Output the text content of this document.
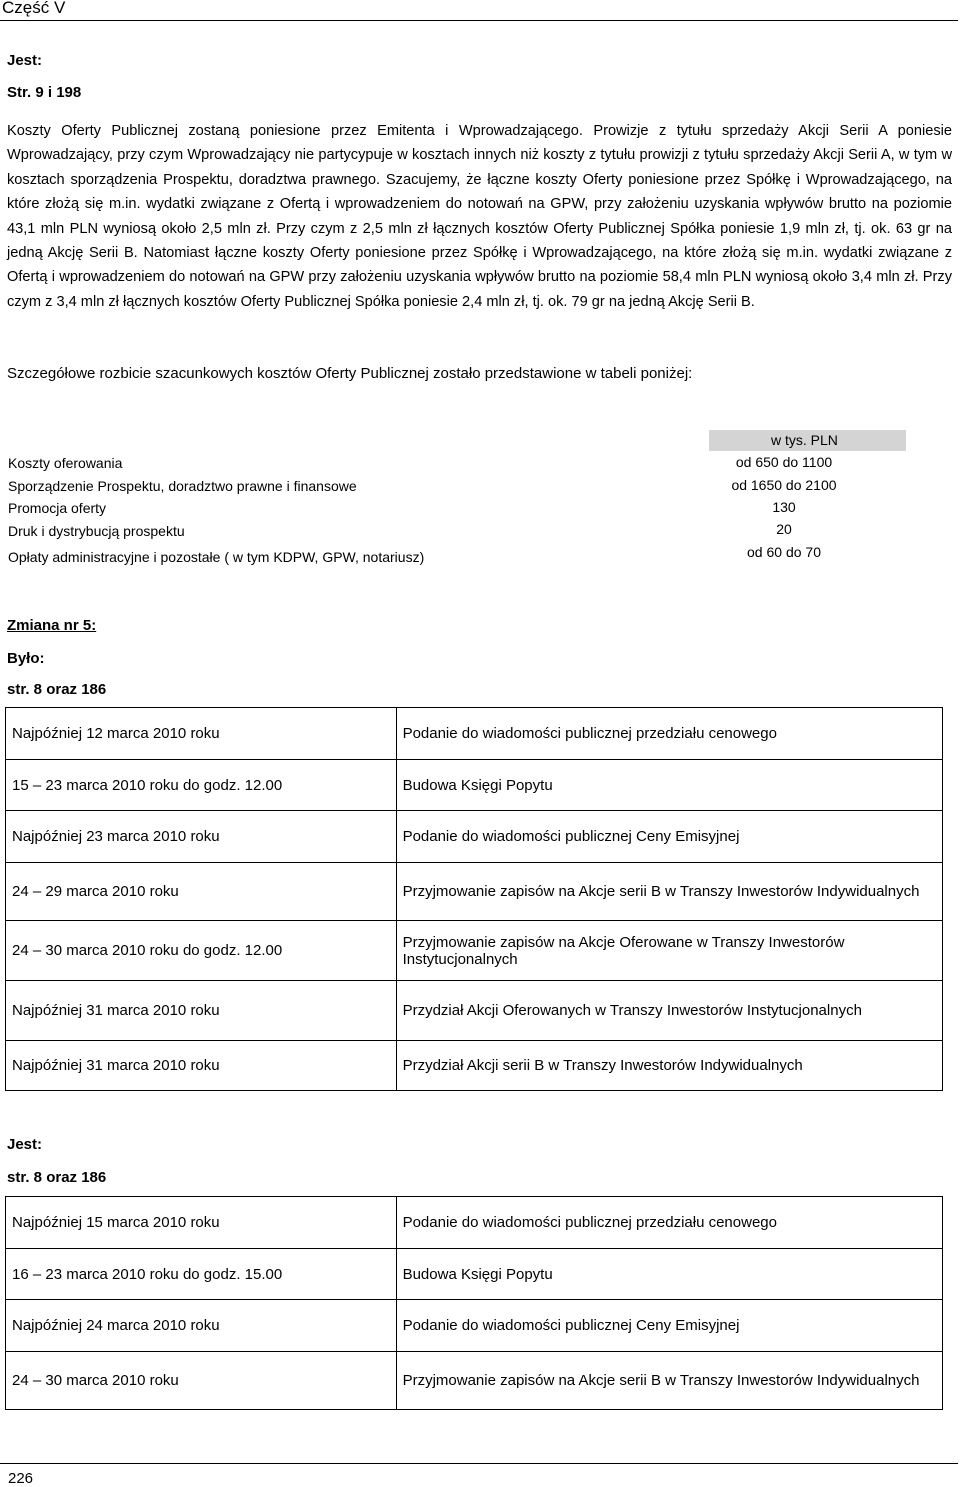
Część V
Jest:
Str. 9 i 198

Koszty Oferty Publicznej zostaną poniesione przez Emitenta i Wprowadzającego. Prowizje z tytułu sprzedaży Akcji Serii A poniesie Wprowadzający, przy czym Wprowadzający nie partycypuje w kosztach innych niż koszty z tytułu prowizji z tytułu sprzedaży Akcji Serii A, w tym w kosztach sporządzenia Prospektu, doradztwa prawnego. Szacujemy, że łączne koszty Oferty poniesione przez Spółkę i Wprowadzającego, na które złożą się m.in. wydatki związane z Ofertą i wprowadzeniem do notowań na GPW, przy założeniu uzyskania wpływów brutto na poziomie 43,1 mln PLN wyniosą około 2,5 mln zł. Przy czym z 2,5 mln zł łącznych kosztów Oferty Publicznej Spółka poniesie 1,9 mln zł, tj. ok. 63 gr na jedną Akcję Serii B. Natomiast łączne koszty Oferty poniesione przez Spółkę i Wprowadzającego, na które złożą się m.in. wydatki związane z Ofertą i wprowadzeniem do notowań na GPW przy założeniu uzyskania wpływów brutto na poziomie 58,4 mln PLN wyniosą około 3,4 mln zł. Przy czym z 3,4 mln zł łącznych kosztów Oferty Publicznej Spółka poniesie 2,4 mln zł, tj. ok. 79 gr na jedną Akcję Serii B.

Szczegółowe rozbicie szacunkowych kosztów Oferty Publicznej zostało przedstawione w tabeli poniżej:
w tys. PLN
Koszty oferowania	od 650 do 1100
Sporządzenie Prospektu, doradztwo prawne i finansowe	od 1650 do 2100
Promocja oferty	130
Druk i dystrybucją prospektu	20
Opłaty administracyjne i pozostałe ( w tym KDPW, GPW, notariusz)	od 60 do 70
Zmiana nr 5:
Było:
str. 8 oraz 186
Najpóźniej 12 marca 2010 roku	Podanie do wiadomości publicznej przedziału cenowego
15 – 23 marca 2010 roku do godz. 12.00	Budowa Księgi Popytu
Najpóźniej 23 marca 2010 roku	Podanie do wiadomości publicznej Ceny Emisyjnej
24 – 29 marca 2010 roku	Przyjmowanie zapisów na Akcje serii B w Transzy Inwestorów Indywidualnych
24 – 30 marca 2010 roku do godz. 12.00	Przyjmowanie zapisów na Akcje Oferowane w Transzy Inwestorów Instytucjonalnych
Najpóźniej 31 marca 2010 roku	Przydział Akcji Oferowanych w Transzy Inwestorów Instytucjonalnych
Najpóźniej 31 marca 2010 roku	Przydział Akcji serii B w Transzy Inwestorów Indywidualnych
Jest:
str. 8 oraz 186
Najpóźniej 15 marca 2010 roku	Podanie do wiadomości publicznej przedziału cenowego
16 – 23 marca 2010 roku do godz. 15.00	Budowa Księgi Popytu
Najpóźniej 24 marca 2010 roku	Podanie do wiadomości publicznej Ceny Emisyjnej
24 – 30 marca 2010 roku	Przyjmowanie zapisów na Akcje serii B w Transzy Inwestorów Indywidualnych
226
